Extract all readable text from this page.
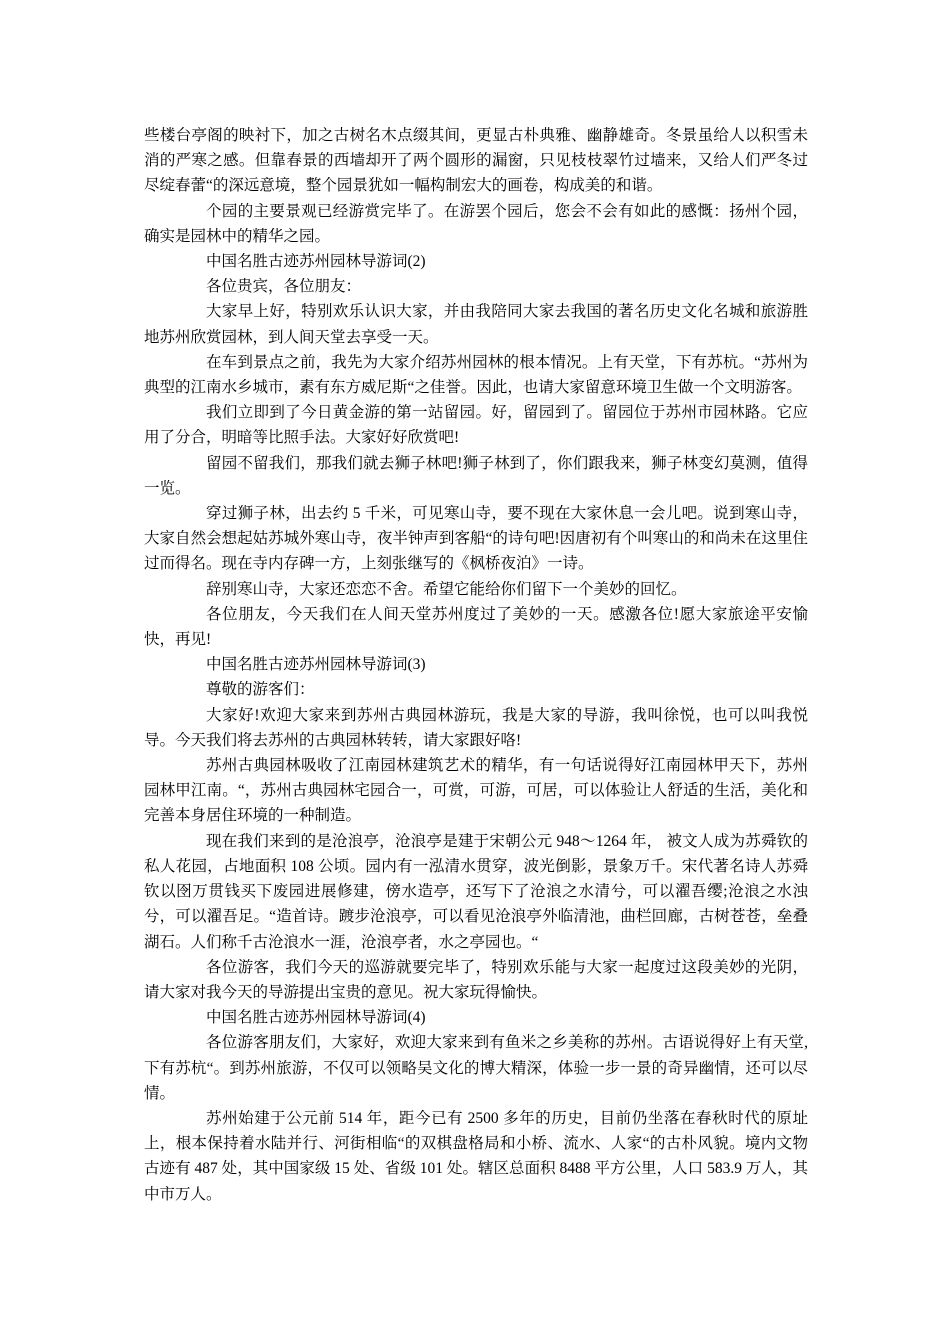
些楼台亭阁的映衬下，加之古树名木点缀其间，更显古朴典雅、幽静雄奇。冬景虽给人以积雪未消的严寒之感。但靠春景的西墙却开了两个圆形的漏窗，只见枝枝翠竹过墙来，又给人们严冬过尽绽春蕾“的深远意境，整个园景犹如一幅构制宏大的画卷，构成美的和谐。

个园的主要景观已经游赏完毕了。在游罢个园后，您会不会有如此的感慨：扬州个园，确实是园林中的精华之园。

中国名胜古迹苏州园林导游词(2)

各位贵宾，各位朋友：

大家早上好，特别欢乐认识大家，并由我陪同大家去我国的著名历史文化名城和旅游胜地苏州欣赏园林，到人间天堂去享受一天。

在车到景点之前，我先为大家介绍苏州园林的根本情况。上有天堂，下有苏杭。“苏州为典型的江南水乡城市，素有东方威尼斯“之佳誉。因此，也请大家留意环境卫生做一个文明游客。

我们立即到了今日黄金游的第一站留园。好，留园到了。留园位于苏州市园林路。它应用了分合，明暗等比照手法。大家好好欣赏吧!

留园不留我们，那我们就去狮子林吧!狮子林到了，你们跟我来，狮子林变幻莫测，值得一览。

穿过狮子林，出去约 5 千米，可见寒山寺，要不现在大家休息一会儿吧。说到寒山寺，大家自然会想起姑苏城外寒山寺，夜半钟声到客船“的诗句吧!因唐初有个叫寒山的和尚未在这里住过而得名。现在寺内存碑一方，上刻张继写的《枫桥夜泊》一诗。

辞别寒山寺，大家还恋恋不舍。希望它能给你们留下一个美妙的回忆。

各位朋友，今天我们在人间天堂苏州度过了美妙的一天。感激各位!愿大家旅途平安愉快，再见!

中国名胜古迹苏州园林导游词(3)

尊敬的游客们：

大家好!欢迎大家来到苏州古典园林游玩，我是大家的导游，我叫徐悦，也可以叫我悦导。今天我们将去苏州的古典园林转转，请大家跟好咯!

苏州古典园林吸收了江南园林建筑艺术的精华，有一句话说得好江南园林甲天下，苏州园林甲江南。“，苏州古典园林宅园合一，可赏，可游，可居，可以体验让人舒适的生活，美化和完善本身居住环境的一种制造。

现在我们来到的是沧浪亭，沧浪亭是建于宋朝公元 948～1264 年， 被文人成为苏舜钦的私人花园，占地面积 108 公顷。园内有一泓清水贯穿，波光倒影，景象万千。宋代著名诗人苏舜钦以囹万贯钱买下废园进展修建，傍水造亭，还写下了沧浪之水清兮，可以濯吾缨;沧浪之水浊兮，可以濯吾足。“造首诗。踱步沧浪亭，可以看见沧浪亭外临清池，曲栏回廊，古树苍苍，垒叠湖石。人们称千古沧浪水一涯，沧浪亭者，水之亭园也。“

各位游客，我们今天的巡游就要完毕了，特别欢乐能与大家一起度过这段美妙的光阴，请大家对我今天的导游提出宝贵的意见。祝大家玩得愉快。

中国名胜古迹苏州园林导游词(4)

各位游客朋友们，大家好，欢迎大家来到有鱼米之乡美称的苏州。古语说得好上有天堂,下有苏杭“。到苏州旅游，不仅可以领略吴文化的博大精深，体验一步一景的奇异幽情，还可以尽情。

苏州始建于公元前 514 年，距今已有 2500 多年的历史，目前仍坐落在春秋时代的原址上，根本保持着水陆并行、河街相临“的双棋盘格局和小桥、流水、人家“的古朴风貌。境内文物古迹有 487 处，其中国家级 15 处、省级 101 处。辖区总面积 8488 平方公里，人口 583.9 万人，其中市万人。
